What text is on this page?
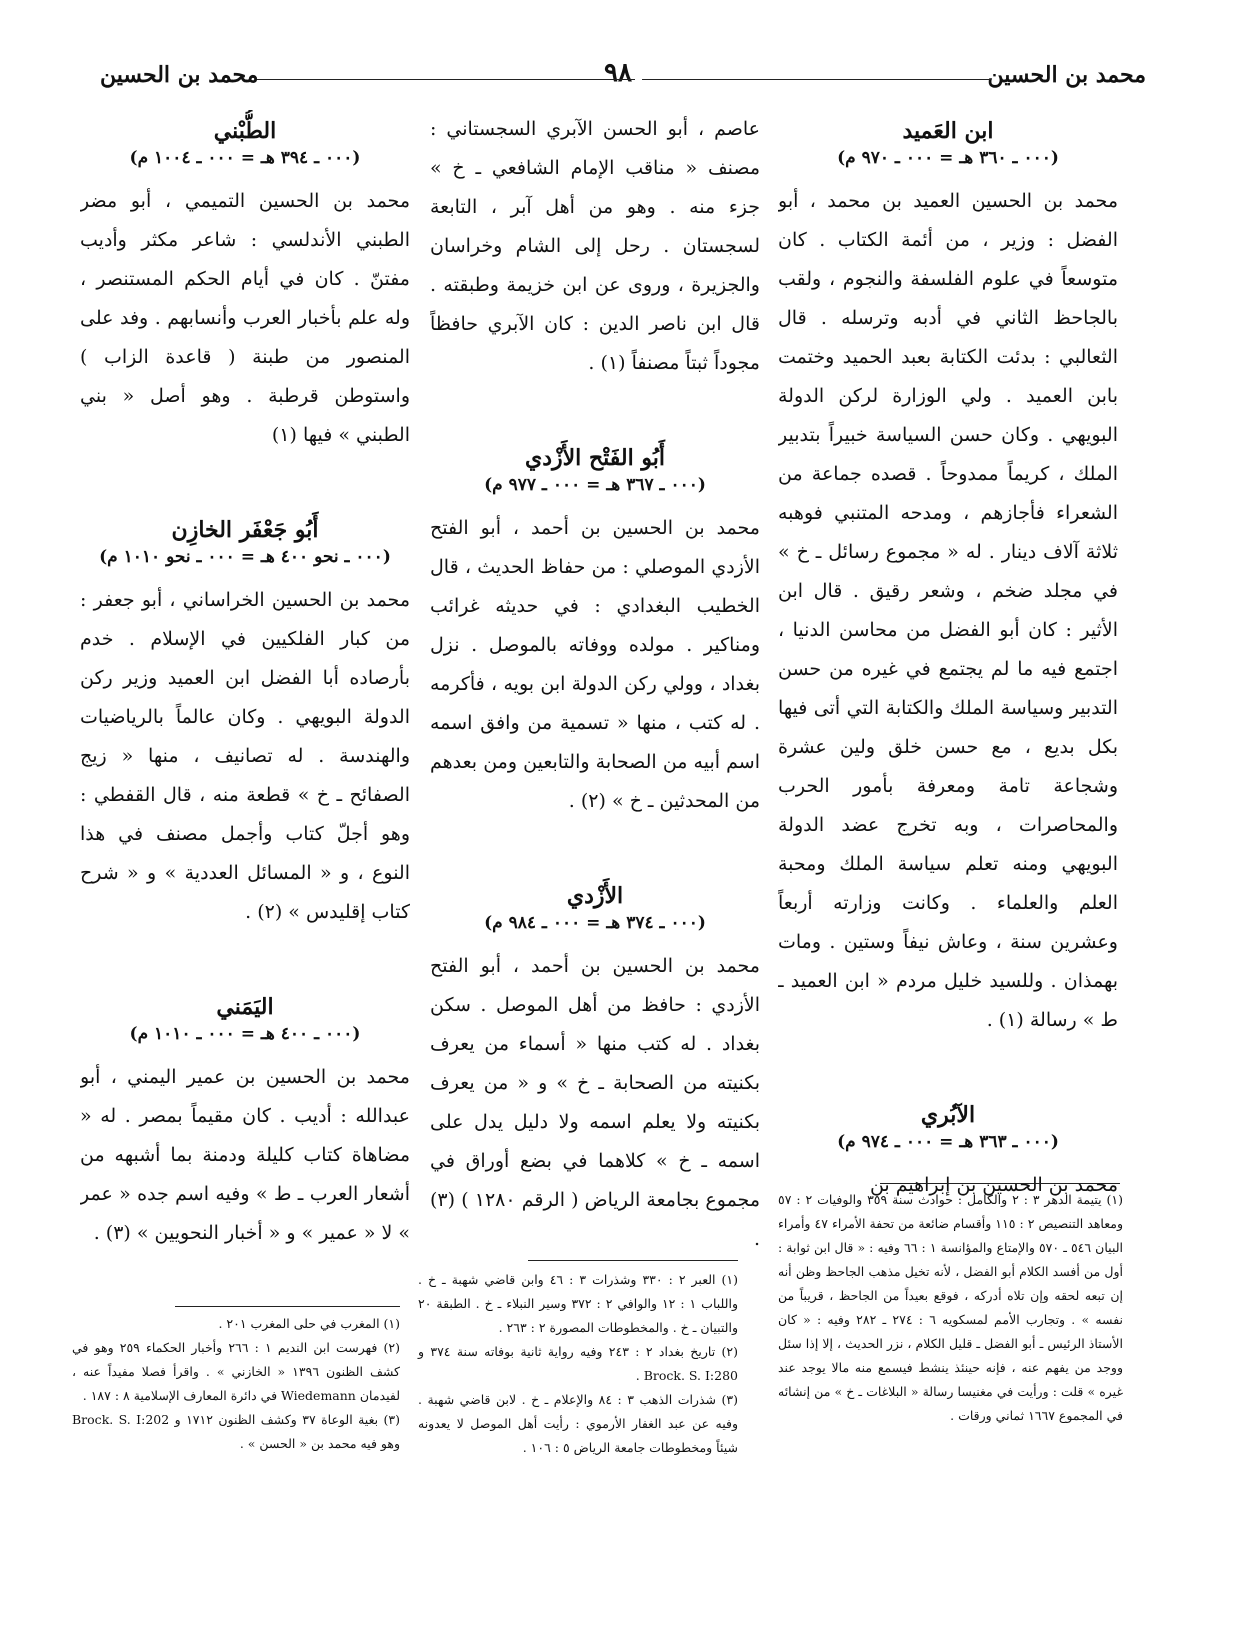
محمد بن الحسين
٩٨
محمد بن الحسين
ابن العَميد
(٠٠٠ ـ ٣٦٠ هـ = ٠٠٠ ـ ٩٧٠ م)

محمد بن الحسين العميد بن محمد ، أبو الفضل : وزير ، من أئمة الكتاب . كان متوسعاً في علوم الفلسفة والنجوم ، ولقب بالجاحظ الثاني في أدبه وترسله . قال الثعالبي : بدئت الكتابة بعبد الحميد وختمت بابن العميد . ولي الوزارة لركن الدولة البويهي . وكان حسن السياسة خبيراً بتدبير الملك ، كريماً ممدوحاً . قصده جماعة من الشعراء فأجازهم ، ومدحه المتنبي فوهبه ثلاثة آلاف دينار . له « مجموع رسائل ـ خ » في مجلد ضخم ، وشعر رقيق . قال ابن الأثير : كان أبو الفضل من محاسن الدنيا ، اجتمع فيه ما لم يجتمع في غيره من حسن التدبير وسياسة الملك والكتابة التي أتى فيها بكل بديع ، مع حسن خلق ولين عشرة وشجاعة تامة ومعرفة بأمور الحرب والمحاصرات ، وبه تخرج عضد الدولة البويهي ومنه تعلم سياسة الملك ومحبة العلم والعلماء . وكانت وزارته أربعاً وعشرين سنة ، وعاش نيفاً وستين . ومات بهمذان . وللسيد خليل مردم « ابن العميد ـ ط » رسالة (١) .

الآبُري
(٠٠٠ ـ ٣٦٣ هـ = ٠٠٠ ـ ٩٧٤ م)

محمد بن الحسين بن إبراهيم بن

عاصم ، أبو الحسن الآبري السجستاني : مصنف « مناقب الإمام الشافعي ـ خ » جزء منه . وهو من أهل آبر ، التابعة لسجستان . رحل إلى الشام وخراسان والجزيرة ، وروى عن ابن خزيمة وطبقته . قال ابن ناصر الدين : كان الآبري حافظاً مجوداً ثبتاً مصنفاً (١) .

أَبُو الفَتْح الأَزْدي
(٠٠٠ ـ ٣٦٧ هـ = ٠٠٠ ـ ٩٧٧ م)

محمد بن الحسين بن أحمد ، أبو الفتح الأزدي الموصلي : من حفاظ الحديث ، قال الخطيب البغدادي : في حديثه غرائب ومناكير . مولده ووفاته بالموصل . نزل بغداد ، وولي ركن الدولة ابن بويه ، فأكرمه . له كتب ، منها « تسمية من وافق اسمه اسم أبيه من الصحابة والتابعين ومن بعدهم من المحدثين ـ خ » (٢) .

الأَزْدي
(٠٠٠ ـ ٣٧٤ هـ = ٠٠٠ ـ ٩٨٤ م)

محمد بن الحسين بن أحمد ، أبو الفتح الأزدي : حافظ من أهل الموصل . سكن بغداد . له كتب منها « أسماء من يعرف بكنيته من الصحابة ـ خ » و « من يعرف بكنيته ولا يعلم اسمه ولا دليل يدل على اسمه ـ خ » كلاهما في بضع أوراق في مجموع بجامعة الرياض ( الرقم ١٢٨٠ ) (٣) .

الطُّبْني
(٠٠٠ ـ ٣٩٤ هـ = ٠٠٠ ـ ١٠٠٤ م)

محمد بن الحسين التميمي ، أبو مضر الطبني الأندلسي : شاعر مكثر وأديب مفتنّ . كان في أيام الحكم المستنصر ، وله علم بأخبار العرب وأنسابهم . وفد على المنصور من طبنة ( قاعدة الزاب ) واستوطن قرطبة . وهو أصل « بني الطبني » فيها (١)

أَبُو جَعْفَر الخازِن
(٠٠٠ ـ نحو ٤٠٠ هـ = ٠٠٠ ـ نحو ١٠١٠ م)

محمد بن الحسين الخراساني ، أبو جعفر : من كبار الفلكيين في الإسلام . خدم بأرصاده أبا الفضل ابن العميد وزير ركن الدولة البويهي . وكان عالماً بالرياضيات والهندسة . له تصانيف ، منها « زيج الصفائح ـ خ » قطعة منه ، قال القفطي : وهو أجلّ كتاب وأجمل مصنف في هذا النوع ، و « المسائل العددية » و « شرح كتاب إقليدس » (٢) .

اليَمَني
(٠٠٠ ـ ٤٠٠ هـ = ٠٠٠ ـ ١٠١٠ م)

محمد بن الحسين بن عمير اليمني ، أبو عبدالله : أديب . كان مقيماً بمصر . له « مضاهاة كتاب كليلة ودمنة بما أشبهه من أشعار العرب ـ ط » وفيه اسم جده « عمر » لا « عمير » و « أخبار النحويين » (٣) .

(١) يتيمة الدهر ٣ : ٢ والكامل : حوادث سنة ٣٥٩ والوفيات ٢ : ٥٧ ومعاهد التنصيص ٢ : ١١٥ وأقسام ضائعة من تحفة الأمراء ٤٧ وأمراء البيان ٥٤٦ ـ ٥٧٠ والإمتاع والمؤانسة ١ : ٦٦ وفيه : « قال ابن ثوابة : أول من أفسد الكلام أبو الفضل ، لأنه تخيل مذهب الجاحظ وظن أنه إن تبعه لحقه وإن تلاه أدركه ، فوقع بعيداً من الجاحظ ، قريباً من نفسه » . وتجارب الأمم لمسكويه ٦ : ٢٧٤ ـ ٢٨٢ وفيه : « كان الأستاذ الرئيس ـ أبو الفضل ـ قليل الكلام ، نزر الحديث ، إلا إذا سئل ووجد من يفهم عنه ، فإنه حينئذ ينشط فيسمع منه مالا يوجد عند غيره » قلت : ورأيت في مغنيسا رسالة « البلاغات ـ خ » من إنشائه في المجموع ١٦٦٧ ثماني ورقات .

(١) العبر ٢ : ٣٣٠ وشذرات ٣ : ٤٦ وابن قاضي شهبة ـ خ . واللباب ١ : ١٢ والوافي ٢ : ٣٧٢ وسير النبلاء ـ خ . الطبقة ٢٠ والتبيان ـ خ . والمخطوطات المصورة ٢ : ٢٦٣ .

(٢) تاريخ بغداد ٢ : ٢٤٣ وفيه رواية ثانية بوفاته سنة ٣٧٤ و Brock. S. I:280 .

(٣) شذرات الذهب ٣ : ٨٤ والإعلام ـ خ . لابن قاضي شهبة . وفيه عن عبد الغفار الأرموي : رأيت أهل الموصل لا يعدونه شيئاً ومخطوطات جامعة الرياض ٥ : ١٠٦ .

(١) المغرب في حلى المغرب ٢٠١ .

(٢) فهرست ابن النديم ١ : ٢٦٦ وأخبار الحكماء ٢٥٩ وهو في كشف الظنون ١٣٩٦ « الخازني » . واقرأ فصلا مفيداً عنه ، لفيدمان Wiedemann في دائرة المعارف الإسلامية ٨ : ١٨٧ .

(٣) بغية الوعاة ٣٧ وكشف الظنون ١٧١٢ و Brock. S. I:202 وهو فيه محمد بن « الحسن » .
